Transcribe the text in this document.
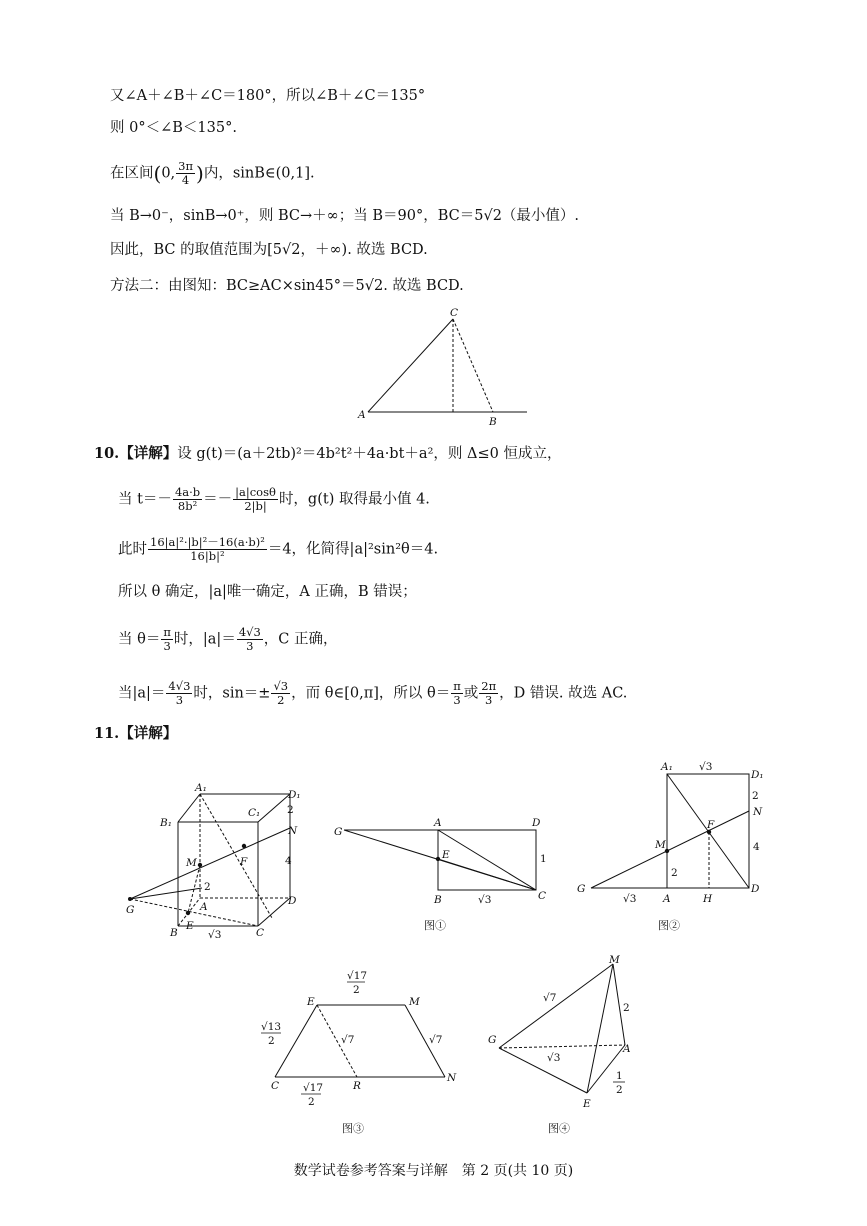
又∠A＋∠B＋∠C＝180°，所以∠B＋∠C＝135°
则 0°＜∠B＜135°.
在区间(0, $\frac{3\pi}{4}$ )内，sinB∈(0,1].
当 B→0⁻，sinB→0⁺，则 BC→＋∞；当 B＝90°，BC＝5√2（最小值）.
因此，BC 的取值范围为[5√2，＋∞). 故选 BCD.
方法二：由图知：BC≥AC×sin45°＝5√2. 故选 BCD.
A
C
B
10.【详解】设 g(t)＝(a＋2tb)²＝4b²t²＋4a·bt＋a²，则 Δ≤0 恒成立，
当 $t=- \frac{4a\cdot b}{\text{8b²}} =- \frac{|a|\cos\theta}{2|b|}$ 时，g(t) 取得最小值 4.
此时 $\frac{\text{16|a|²·|b|²－16(a·b)²}}{\text{16|b|²}} =4$，化简得|a|²sin²θ＝4.
所以 θ 确定，|a|唯一确定，A 正确，B 错误；
当 $\theta= \frac{\pi}{3}$ 时，$|a|= \frac{4√3}{3}$ ，C 正确，
当$|a|= \frac{4√3}{3}$ 时，$\sin=\pm \frac{√3}{2}$ ，而 θ∈[0,π]，所以 $\theta= \frac{\pi}{3}$ 或 $\frac{2\pi}{3}$ ，D 错误. 故选 AC.
11.【详解】
A₁
D₁
B₁
C₁
M	F
N
G
E
A
B	C
D
2
4
2
√3
G
A	D
E
B	C
1
√3
图①
A₁
D₁
N
M
F
G
A	H
D
√3
2
4
2
√3
图②
E	M
C	R
N
√17
2
√13
2	√7	√7
√17
2
图③
M
G
A
E
√7
2
√3
1
2
图④
数学试卷参考答案与详解　第 2 页(共 10 页)
